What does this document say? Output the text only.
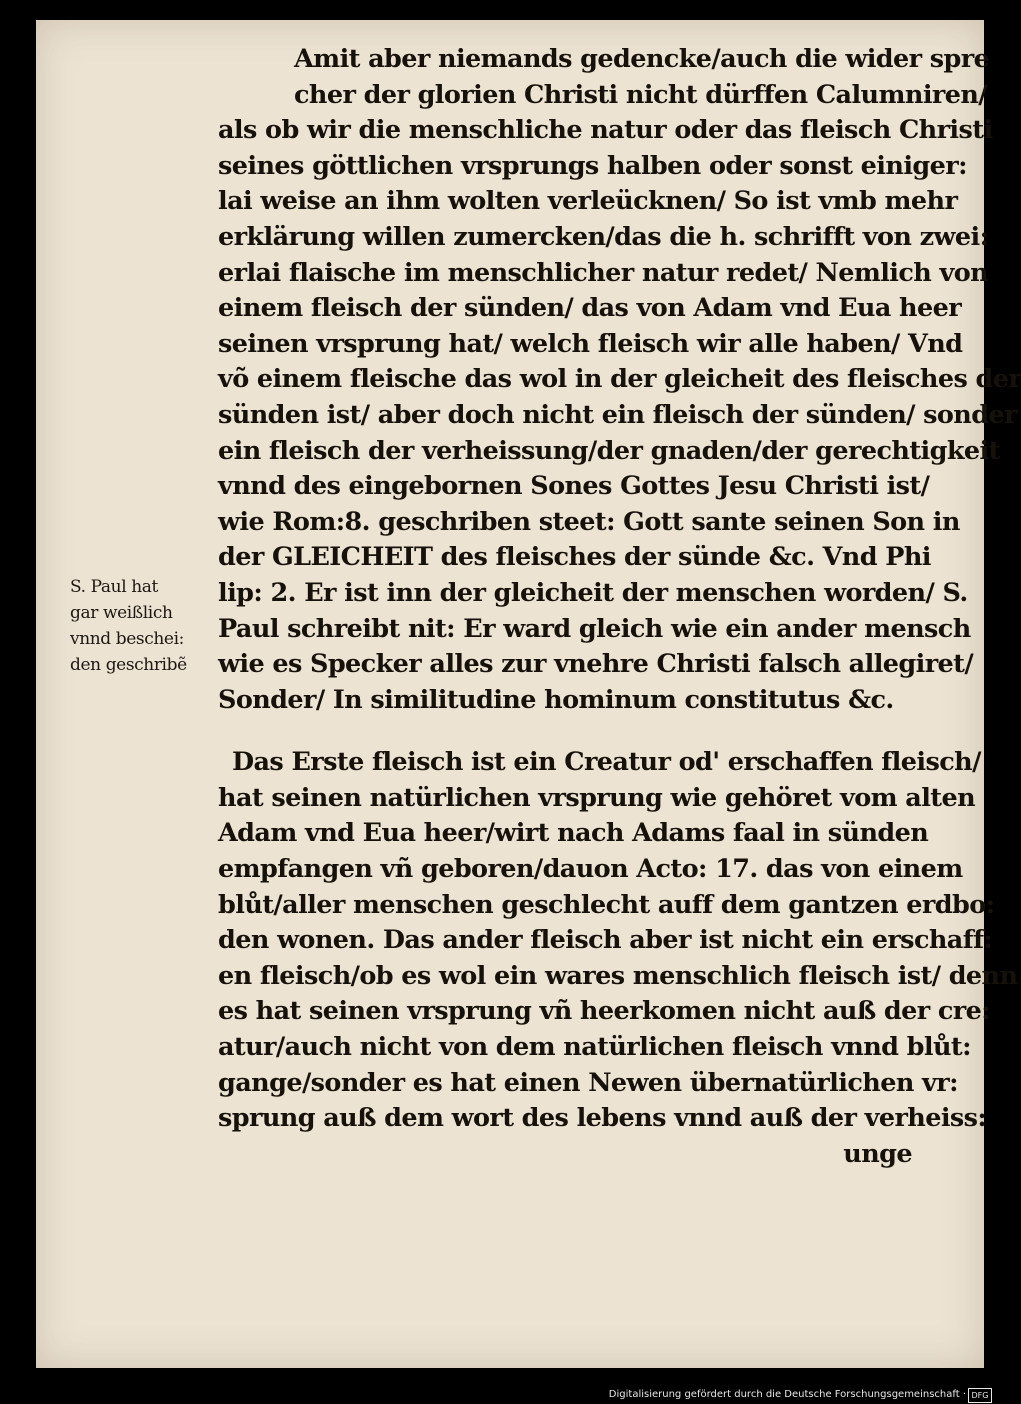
Amit aber niemands gedencke/auch die wider spre
cher der glorien Christi nicht dürffen Calumniren/
als ob wir die menschliche natur oder das fleisch Christi
seines göttlichen vrsprungs halben oder sonst einiger:
lai weise an ihm wolten verleücknen/ So ist vmb mehr
erklärung willen zumercken/das die h. schrifft von zwei:
erlai flaische im menschlicher natur redet/ Nemlich von
einem fleisch der sünden/ das von Adam vnd Eua heer
seinen vrsprung hat/ welch fleisch wir alle haben/ Vnd
võ einem fleische das wol in der gleicheit des fleisches der
sünden ist/ aber doch nicht ein fleisch der sünden/ sonder
ein fleisch der verheissung/der gnaden/der gerechtigkeit
vnnd des eingebornen Sones Gottes Jesu Christi ist/
wie Rom:8. geschriben steet: Gott sante seinen Son in
der GLEICHEIT des fleisches der sünde &c. Vnd Phi
lip: 2. Er ist inn der gleicheit der menschen worden/ S.
Paul schreibt nit: Er ward gleich wie ein ander mensch
wie es Specker alles zur vnehre Christi falsch allegiret/
Sonder/ In similitudine hominum constitutus &c.
Das Erste fleisch ist ein Creatur od' erschaffen fleisch/
hat seinen natürlichen vrsprung wie gehöret vom alten
Adam vnd Eua heer/wirt nach Adams faal in sünden
empfangen vñ geboren/dauon Acto: 17. das von einem
blůt/aller menschen geschlecht auff dem gantzen erdbo:
den wonen. Das ander fleisch aber ist nicht ein erschaff:
en fleisch/ob es wol ein wares menschlich fleisch ist/ denn
es hat seinen vrsprung vñ heerkomen nicht auß der cre:
atur/auch nicht von dem natürlichen fleisch vnnd blůt:
gange/sonder es hat einen Newen übernatürlichen vr:
sprung auß dem wort des lebens vnnd auß der verheiss:
unge
S. Paul hat
gar weißlich
vnnd beschei:
den geschribẽ
Digitalisierung gefördert durch die Deutsche Forschungsgemeinschaft · DFG
